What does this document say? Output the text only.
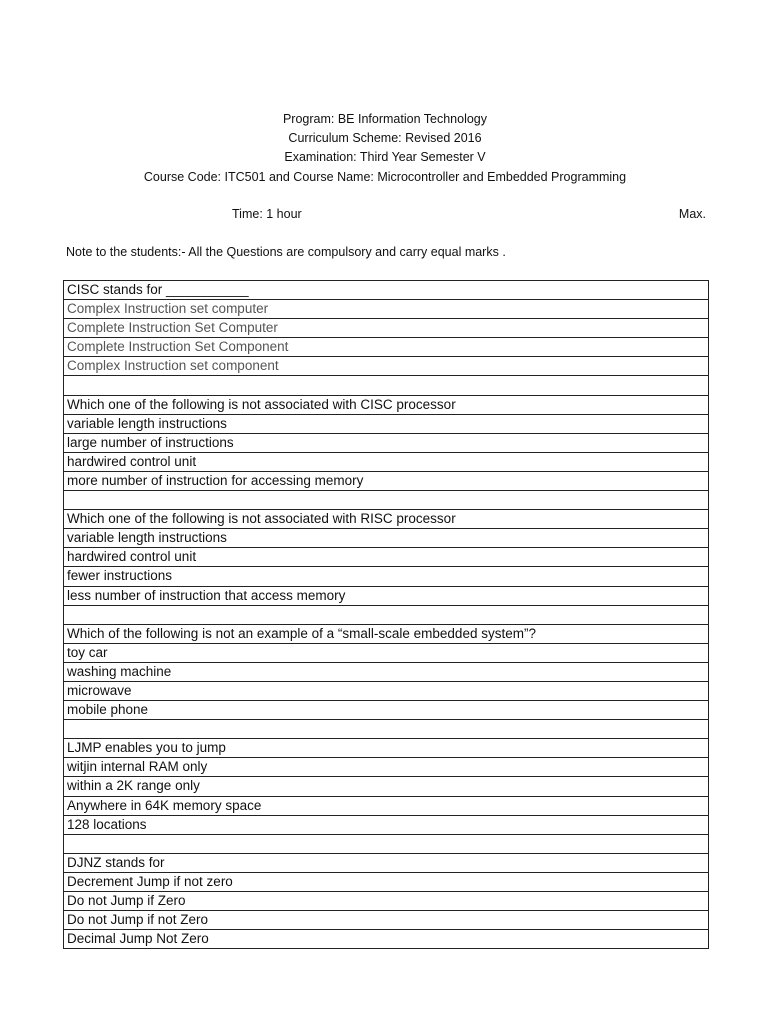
Program: BE Information Technology
Curriculum Scheme: Revised 2016
Examination: Third Year Semester V
Course Code: ITC501 and Course Name: Microcontroller and Embedded Programming
Time: 1 hour	Max.
Note to the students:- All the Questions are compulsory and carry equal marks .
CISC stands for ___________
Complex Instruction set computer
Complete Instruction Set Computer
Complete Instruction Set Component
Complex Instruction set component

Which one of the following is not associated with CISC processor
variable length instructions
large number of instructions
hardwired control unit
more number of instruction for accessing memory

Which one of the following is not associated with RISC processor
variable length instructions
hardwired control unit
fewer instructions
less number of instruction that access memory

Which of the following is not an example of a “small-scale embedded system”?
toy car
washing machine
microwave
mobile phone

LJMP enables you to jump
witjin internal RAM only
within a 2K range only
Anywhere in 64K memory space
128 locations

DJNZ stands for
Decrement Jump if not zero
Do not Jump if Zero
Do not Jump if not Zero
Decimal Jump Not Zero
